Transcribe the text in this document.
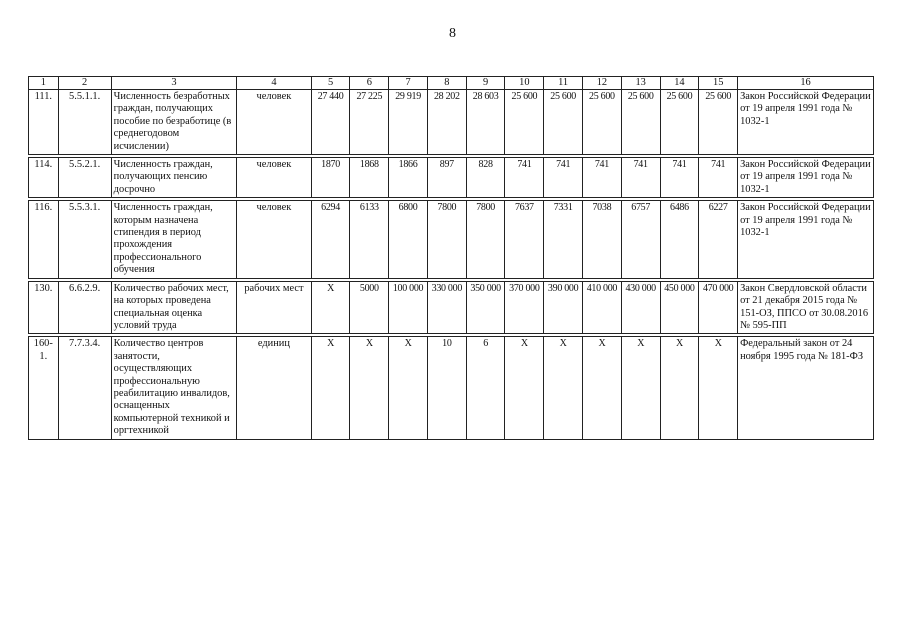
8
1	2	3	4	5	6	7	8	9	10	11	12	13	14	15	16
111.	5.5.1.1.	Численность безработных граждан, получающих пособие по безработице (в среднегодовом исчислении)	человек	27 440	27 225	29 919	28 202	28 603	25 600	25 600	25 600	25 600	25 600	25 600	Закон Российской Федерации от 19 апреля 1991 года № 1032-1

114.	5.5.2.1.	Численность граждан, получающих пенсию досрочно	человек	1870	1868	1866	897	828	741	741	741	741	741	741	Закон Российской Федерации от 19 апреля 1991 года № 1032-1

116.	5.5.3.1.	Численность граждан, которым назначена стипендия в период прохождения профессионального обучения	человек	6294	6133	6800	7800	7800	7637	7331	7038	6757	6486	6227	Закон Российской Федерации от 19 апреля 1991 года № 1032-1

130.	6.6.2.9.	Количество рабочих мест, на которых проведена специальная оценка условий труда	рабочих мест	X	5000	100 000	330 000	350 000	370 000	390 000	410 000	430 000	450 000	470 000	Закон Свердловской области от 21 декабря 2015 года № 151-ОЗ, ППСО от 30.08.2016 № 595-ПП

160-1.	7.7.3.4.	Количество центров занятости, осуществляющих профессиональную реабилитацию инвалидов, оснащенных компьютерной техникой и оргтехникой	единиц	X	X	X	10	6	X	X	X	X	X	X	Федеральный закон от 24 ноября 1995 года № 181-ФЗ
